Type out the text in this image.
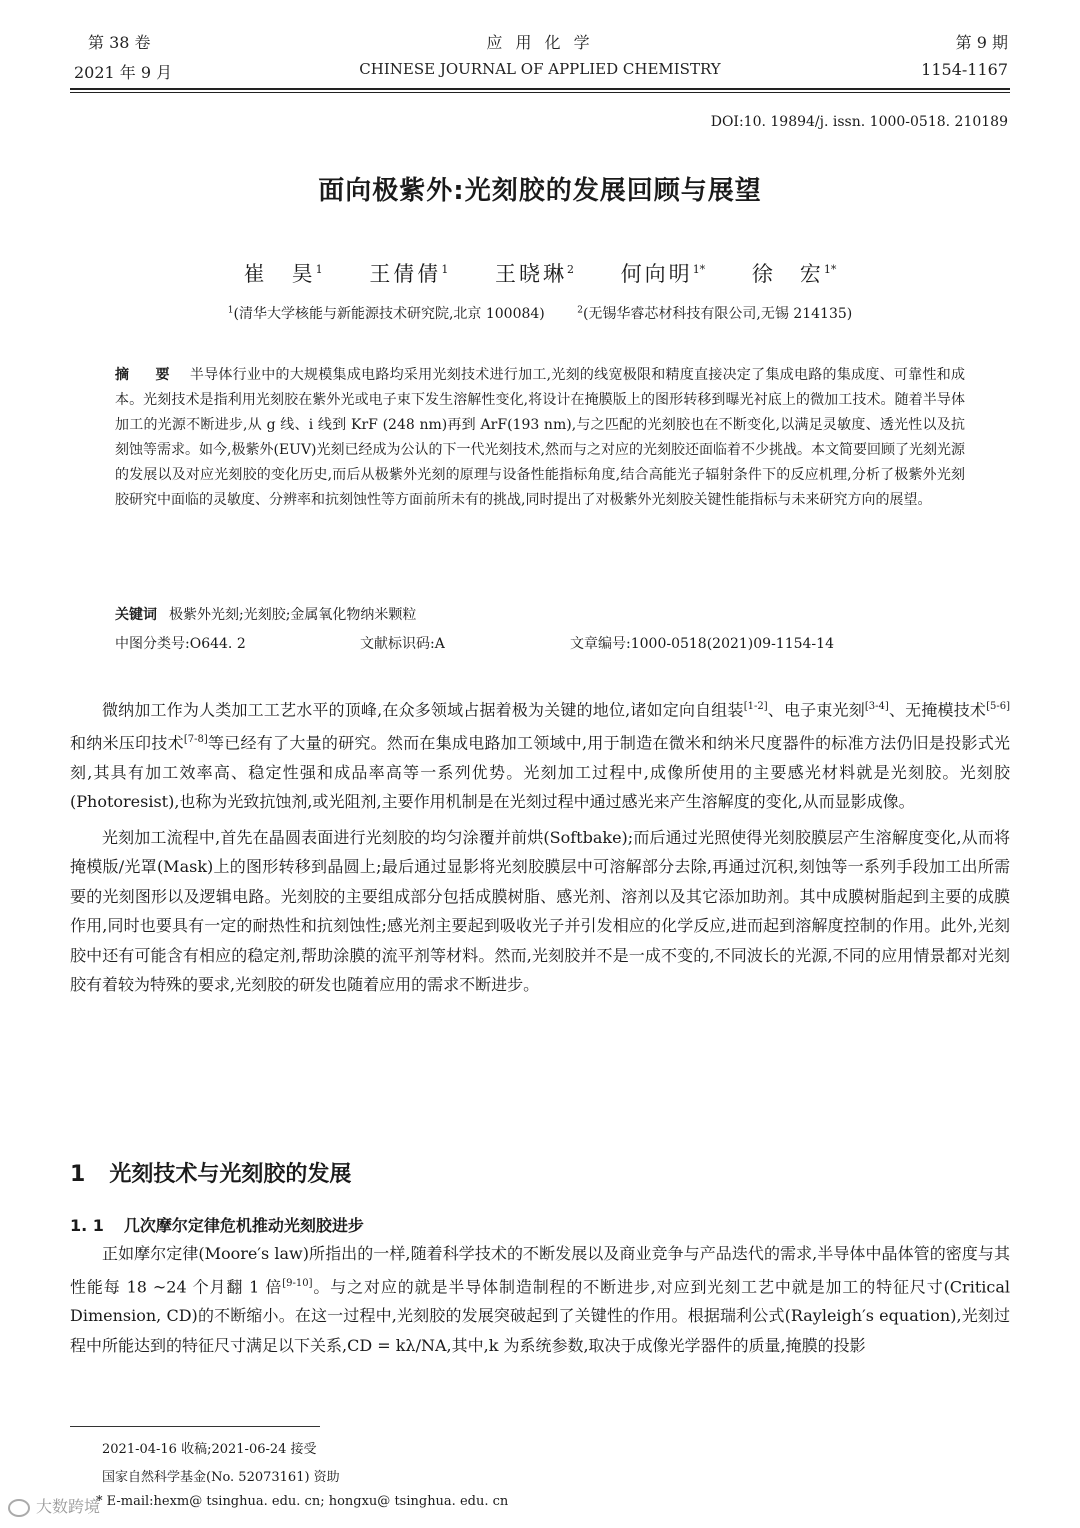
第 38 卷	应 用 化 学	第 9 期
2021 年 9 月	CHINESE JOURNAL OF APPLIED CHEMISTRY	1154-1167
DOI:10. 19894/j. issn. 1000-0518. 210189
面向极紫外:光刻胶的发展回顾与展望
崔　昊$^1$ 王倩倩$^1$ 王晓琳$^2$ 何向明$^{1*}$ 徐　宏$^{1*}$
$^1$(清华大学核能与新能源技术研究院,北京 100084)	$^2$(无锡华睿芯材科技有限公司,无锡 214135)
摘　要 半导体行业中的大规模集成电路均采用光刻技术进行加工,光刻的线宽极限和精度直接决定了集成电路的集成度、可靠性和成本。光刻技术是指利用光刻胶在紫外光或电子束下发生溶解性变化,将设计在掩膜版上的图形转移到曝光衬底上的微加工技术。随着半导体加工的光源不断进步,从 g 线、i 线到 KrF (248 nm)再到 ArF(193 nm),与之匹配的光刻胶也在不断变化,以满足灵敏度、透光性以及抗刻蚀等需求。如今,极紫外(EUV)光刻已经成为公认的下一代光刻技术,然而与之对应的光刻胶还面临着不少挑战。本文简要回顾了光刻光源的发展以及对应光刻胶的变化历史,而后从极紫外光刻的原理与设备性能指标角度,结合高能光子辐射条件下的反应机理,分析了极紫外光刻胶研究中面临的灵敏度、分辨率和抗刻蚀性等方面前所未有的挑战,同时提出了对极紫外光刻胶关键性能指标与未来研究方向的展望。
关键词 极紫外光刻;光刻胶;金属氧化物纳米颗粒
中图分类号:O644. 2	文献标识码:A	文章编号:1000-0518(2021)09-1154-14

微纳加工作为人类加工工艺水平的顶峰,在众多领域占据着极为关键的地位,诸如定向自组装[1-2]、电子束光刻[3-4]、无掩模技术[5-6]和纳米压印技术[7-8]等已经有了大量的研究。然而在集成电路加工领域中,用于制造在微米和纳米尺度器件的标准方法仍旧是投影式光刻,其具有加工效率高、稳定性强和成品率高等一系列优势。光刻加工过程中,成像所使用的主要感光材料就是光刻胶。光刻胶(Photoresist),也称为光致抗蚀剂,或光阻剂,主要作用机制是在光刻过程中通过感光来产生溶解度的变化,从而显影成像。

光刻加工流程中,首先在晶圆表面进行光刻胶的均匀涂覆并前烘(Softbake);而后通过光照使得光刻胶膜层产生溶解度变化,从而将掩模版/光罩(Mask)上的图形转移到晶圆上;最后通过显影将光刻胶膜层中可溶解部分去除,再通过沉积,刻蚀等一系列手段加工出所需要的光刻图形以及逻辑电路。光刻胶的主要组成部分包括成膜树脂、感光剂、溶剂以及其它添加助剂。其中成膜树脂起到主要的成膜作用,同时也要具有一定的耐热性和抗刻蚀性;感光剂主要起到吸收光子并引发相应的化学反应,进而起到溶解度控制的作用。此外,光刻胶中还有可能含有相应的稳定剂,帮助涂膜的流平剂等材料。然而,光刻胶并不是一成不变的,不同波长的光源,不同的应用情景都对光刻胶有着较为特殊的要求,光刻胶的研发也随着应用的需求不断进步。

1 光刻技术与光刻胶的发展
1. 1 几次摩尔定律危机推动光刻胶进步

正如摩尔定律(Moore′s law)所指出的一样,随着科学技术的不断发展以及商业竞争与产品迭代的需求,半导体中晶体管的密度与其性能每 18 ~24 个月翻 1 倍[9-10]。与之对应的就是半导体制造制程的不断进步,对应到光刻工艺中就是加工的特征尺寸(Critical Dimension, CD)的不断缩小。在这一过程中,光刻胶的发展突破起到了关键性的作用。根据瑞利公式(Rayleigh′s equation),光刻过程中所能达到的特征尺寸满足以下关系,CD = kλ/NA,其中,k 为系统参数,取决于成像光学器件的质量,掩膜的投影

2021-04-16 收稿;2021-06-24 接受
国家自然科学基金(No. 52073161) 资助
* E-mail:hexm@ tsinghua. edu. cn; hongxu@ tsinghua. edu. cn
大数跨境
